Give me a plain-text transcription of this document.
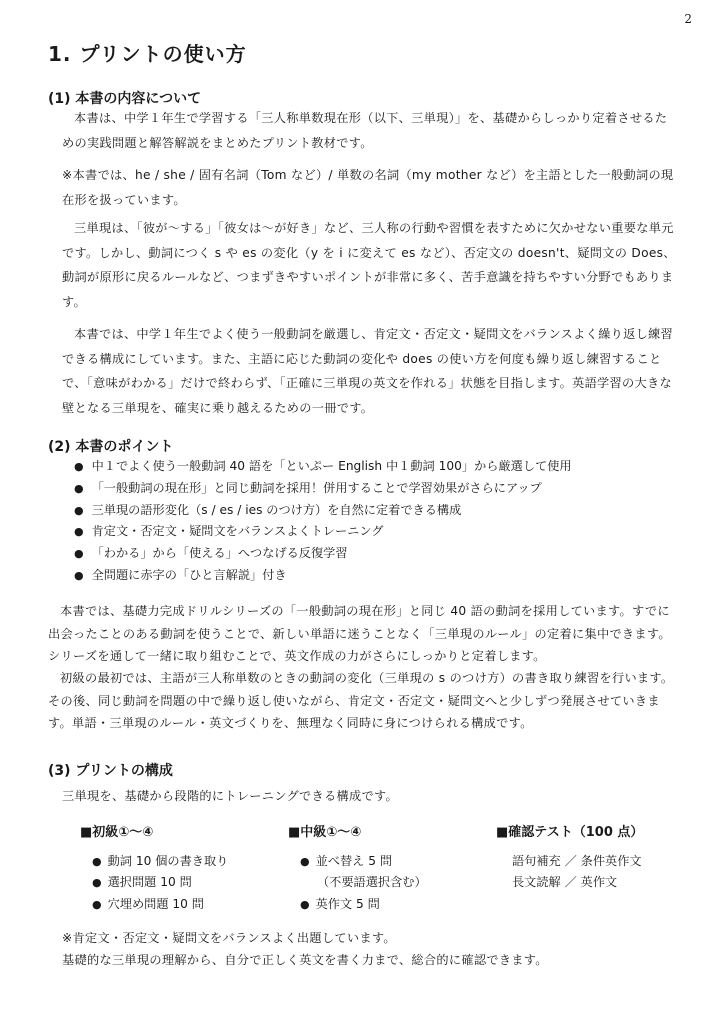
2
1. プリントの使い方
(1) 本書の内容について
本書は、中学１年生で学習する「三人称単数現在形（以下、三単現）」を、基礎からしっかり定着させるための実践問題と解答解説をまとめたプリント教材です。
※本書では、he / she / 固有名詞（Tom など）/ 単数の名詞（my mother など）を主語とした一般動詞の現在形を扱っています。
三単現は、「彼が〜する」「彼女は〜が好き」など、三人称の行動や習慣を表すために欠かせない重要な単元です。しかし、動詞につく s や es の変化（y を i に変えて es など）、否定文の doesn't、疑問文の Does、動詞が原形に戻るルールなど、つまずきやすいポイントが非常に多く、苦手意識を持ちやすい分野でもあります。
本書では、中学１年生でよく使う一般動詞を厳選し、肯定文・否定文・疑問文をバランスよく繰り返し練習できる構成にしています。また、主語に応じた動詞の変化や does の使い方を何度も繰り返し練習することで、「意味がわかる」だけで終わらず、「正確に三単現の英文を作れる」状態を目指します。英語学習の大きな壁となる三単現を、確実に乗り越えるための一冊です。
(2) 本書のポイント
● 中１でよく使う一般動詞 40 語を「といぷー English 中１動詞 100」から厳選して使用
● 「一般動詞の現在形」と同じ動詞を採用！併用することで学習効果がさらにアップ
● 三単現の語形変化（s / es / ies のつけ方）を自然に定着できる構成
● 肯定文・否定文・疑問文をバランスよくトレーニング
● 「わかる」から「使える」へつなげる反復学習
● 全問題に赤字の「ひと言解説」付き
本書では、基礎力完成ドリルシリーズの「一般動詞の現在形」と同じ 40 語の動詞を採用しています。すでに出会ったことのある動詞を使うことで、新しい単語に迷うことなく「三単現のルール」の定着に集中できます。シリーズを通して一緒に取り組むことで、英文作成の力がさらにしっかりと定着します。
初級の最初では、主語が三人称単数のときの動詞の変化（三単現の s のつけ方）の書き取り練習を行います。その後、同じ動詞を問題の中で繰り返し使いながら、肯定文・否定文・疑問文へと少しずつ発展させていきます。単語・三単現のルール・英文づくりを、無理なく同時に身につけられる構成です。
(3) プリントの構成
三単現を、基礎から段階的にトレーニングできる構成です。
■初級①〜④
● 動詞 10 個の書き取り
● 選択問題 10 問
● 穴埋め問題 10 問
■中級①〜④
● 並べ替え 5 問
（不要語選択含む）
● 英作文 5 問
■確認テスト（100 点）
語句補充 ／ 条件英作文
長文読解 ／ 英作文
※肯定文・否定文・疑問文をバランスよく出題しています。
基礎的な三単現の理解から、自分で正しく英文を書く力まで、総合的に確認できます。
